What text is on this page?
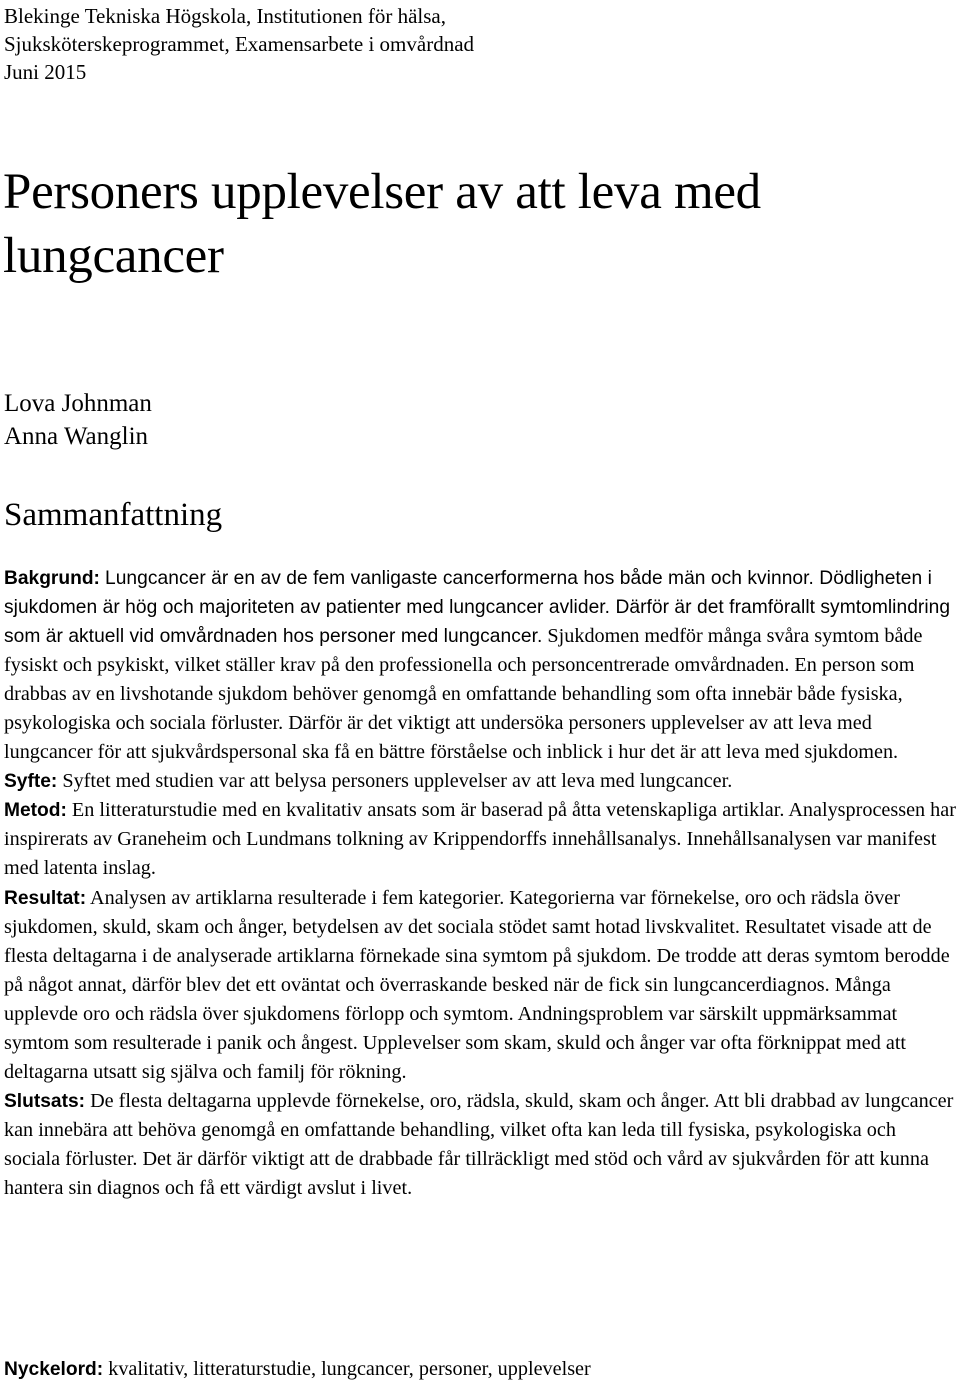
Blekinge Tekniska Högskola, Institutionen för hälsa,
Sjuksköterskeprogrammet, Examensarbete i omvårdnad
Juni 2015
Personers upplevelser av att leva med
lungcancer
Lova Johnman
Anna Wanglin
Sammanfattning

Bakgrund: Lungcancer är en av de fem vanligaste cancerformerna hos både män och kvinnor. Dödligheten i sjukdomen är hög och majoriteten av patienter med lungcancer avlider. Därför är det framförallt symtomlindring som är aktuell vid omvårdnaden hos personer med lungcancer. Sjukdomen medför många svåra symtom både fysiskt och psykiskt, vilket ställer krav på den professionella och personcentrerade omvårdnaden. En person som drabbas av en livshotande sjukdom behöver genomgå en omfattande behandling som ofta innebär både fysiska, psykologiska och sociala förluster. Därför är det viktigt att undersöka personers upplevelser av att leva med lungcancer för att sjukvårdspersonal ska få en bättre förståelse och inblick i hur det är att leva med sjukdomen.
Syfte: Syftet med studien var att belysa personers upplevelser av att leva med lungcancer.
Metod: En litteraturstudie med en kvalitativ ansats som är baserad på åtta vetenskapliga artiklar. Analysprocessen har inspirerats av Graneheim och Lundmans tolkning av Krippendorffs innehållsanalys. Innehållsanalysen var manifest med latenta inslag.
Resultat: Analysen av artiklarna resulterade i fem kategorier. Kategorierna var förnekelse, oro och rädsla över sjukdomen, skuld, skam och ånger, betydelsen av det sociala stödet samt hotad livskvalitet. Resultatet visade att de flesta deltagarna i de analyserade artiklarna förnekade sina symtom på sjukdom. De trodde att deras symtom berodde på något annat, därför blev det ett oväntat och överraskande besked när de fick sin lungcancerdiagnos. Många upplevde oro och rädsla över sjukdomens förlopp och symtom. Andningsproblem var särskilt uppmärksammat symtom som resulterade i panik och ångest. Upplevelser som skam, skuld och ånger var ofta förknippat med att deltagarna utsatt sig själva och familj för rökning.
Slutsats: De flesta deltagarna upplevde förnekelse, oro, rädsla, skuld, skam och ånger. Att bli drabbad av lungcancer kan innebära att behöva genomgå en omfattande behandling, vilket ofta kan leda till fysiska, psykologiska och sociala förluster. Det är därför viktigt att de drabbade får tillräckligt med stöd och vård av sjukvården för att kunna hantera sin diagnos och få ett värdigt avslut i livet.

Nyckelord: kvalitativ, litteraturstudie, lungcancer, personer, upplevelser
